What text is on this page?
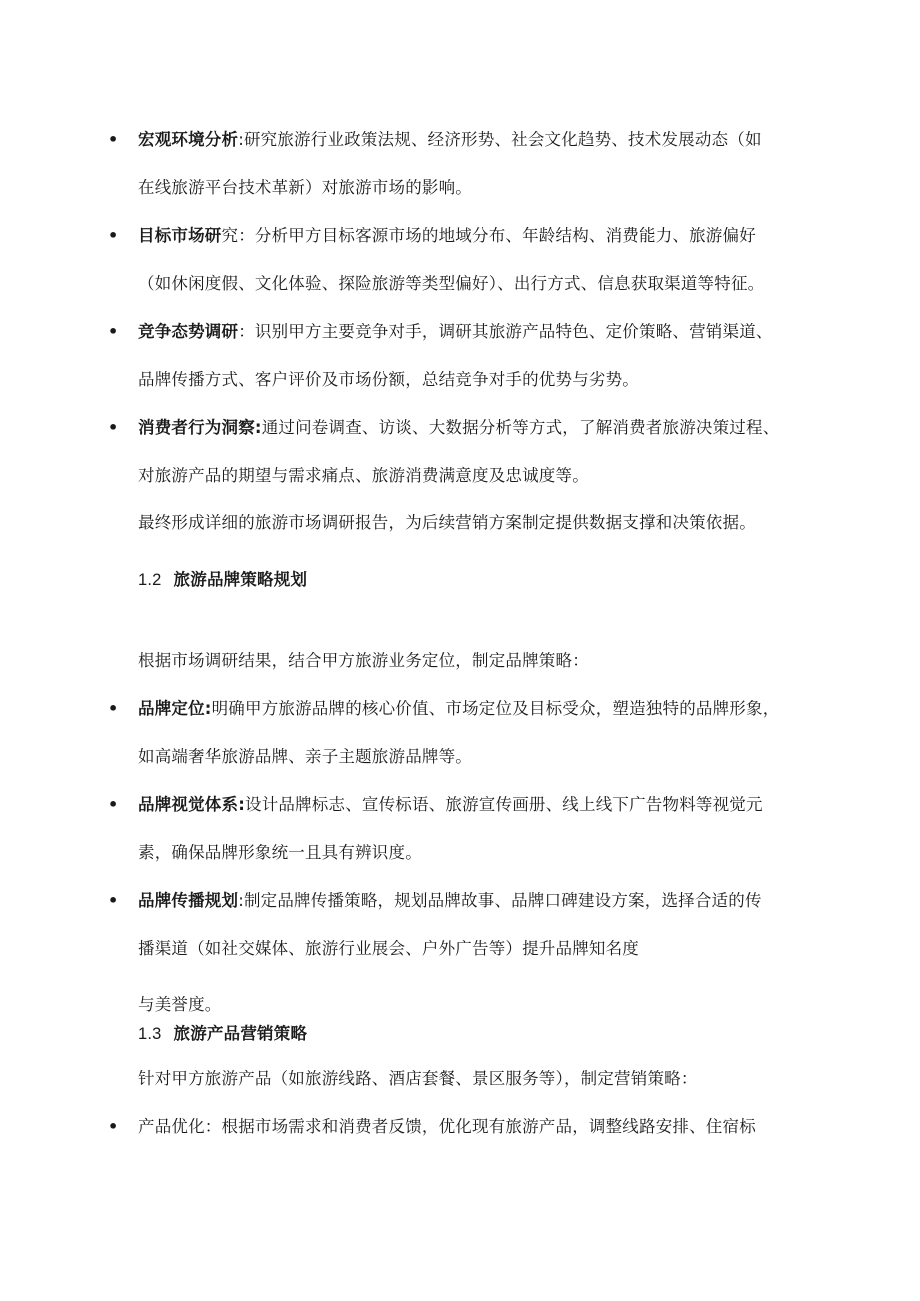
• 宏观环境分析:研究旅游行业政策法规、经济形势、社会文化趋势、技术发展动态（如
在线旅游平台技术革新）对旅游市场的影响。
• 目标市场研究：分析甲方目标客源市场的地域分布、年龄结构、消费能力、旅游偏好
（如休闲度假、文化体验、探险旅游等类型偏好）、出行方式、信息获取渠道等特征。
• 竞争态势调研：识别甲方主要竞争对手，调研其旅游产品特色、定价策略、营销渠道、
品牌传播方式、客户评价及市场份额，总结竞争对手的优势与劣势。
• 消费者行为洞察:通过问卷调查、访谈、大数据分析等方式，了解消费者旅游决策过程、
对旅游产品的期望与需求痛点、旅游消费满意度及忠诚度等。
最终形成详细的旅游市场调研报告，为后续营销方案制定提供数据支撑和决策依据。
1.2 旅游品牌策略规划
根据市场调研结果，结合甲方旅游业务定位，制定品牌策略：
• 品牌定位:明确甲方旅游品牌的核心价值、市场定位及目标受众，塑造独特的品牌形象，
如高端奢华旅游品牌、亲子主题旅游品牌等。
• 品牌视觉体系:设计品牌标志、宣传标语、旅游宣传画册、线上线下广告物料等视觉元
素，确保品牌形象统一且具有辨识度。
• 品牌传播规划:制定品牌传播策略，规划品牌故事、品牌口碑建设方案，选择合适的传
播渠道（如社交媒体、旅游行业展会、户外广告等）提升品牌知名度
与美誉度。
1.3 旅游产品营销策略
针对甲方旅游产品（如旅游线路、酒店套餐、景区服务等），制定营销策略：
• 产品优化：根据市场需求和消费者反馈，优化现有旅游产品，调整线路安排、住宿标
